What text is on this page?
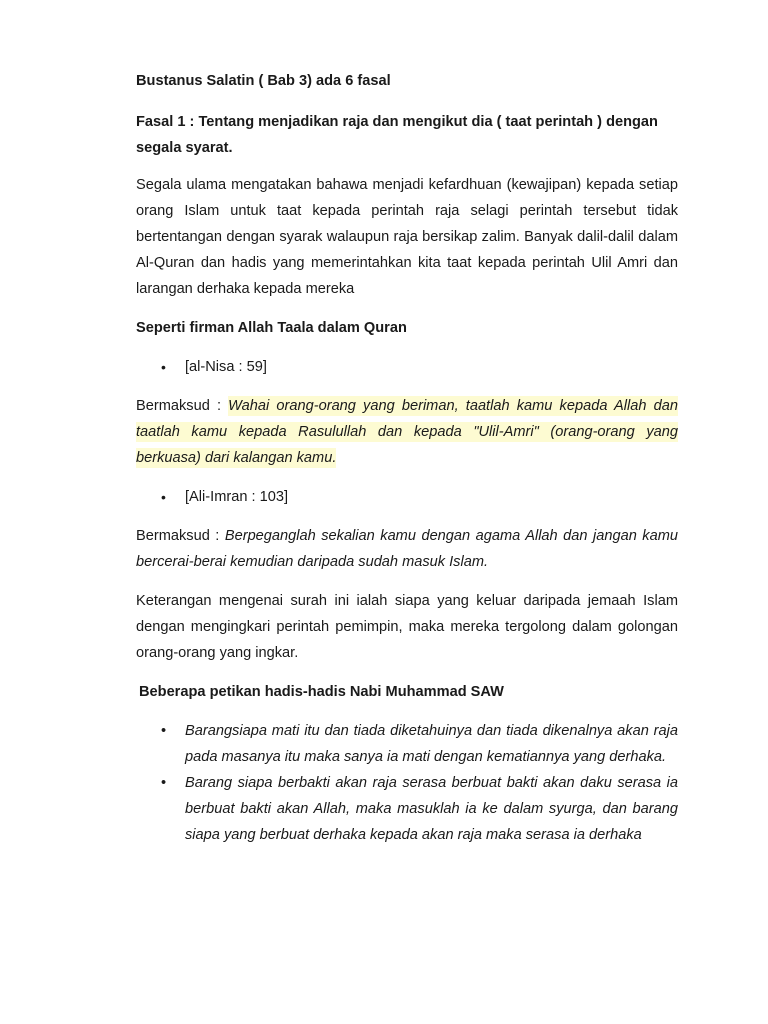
Bustanus Salatin ( Bab 3) ada 6 fasal

Fasal 1 : Tentang menjadikan raja dan mengikut dia ( taat perintah ) dengan segala syarat.

Segala ulama mengatakan bahawa menjadi kefardhuan (kewajipan) kepada setiap orang Islam untuk taat kepada perintah raja selagi perintah tersebut tidak bertentangan dengan syarak walaupun raja bersikap zalim. Banyak dalil-dalil dalam Al-Quran dan hadis yang memerintahkan kita taat kepada perintah Ulil Amri dan larangan derhaka kepada mereka

Seperti firman Allah Taala dalam Quran

• [al-Nisa : 59]

Bermaksud : Wahai orang-orang yang beriman, taatlah kamu kepada Allah dan taatlah kamu kepada Rasulullah dan kepada "Ulil-Amri" (orang-orang yang berkuasa) dari kalangan kamu.

• [Ali-Imran : 103]

Bermaksud : Berpeganglah sekalian kamu dengan agama Allah dan jangan kamu bercerai-berai kemudian daripada sudah masuk Islam.

Keterangan mengenai surah ini ialah siapa yang keluar daripada jemaah Islam dengan mengingkari perintah pemimpin, maka mereka tergolong dalam golongan orang-orang yang ingkar.

Beberapa petikan hadis-hadis Nabi Muhammad SAW

• Barangsiapa mati itu dan tiada diketahuinya dan tiada dikenalnya akan raja pada masanya itu maka sanya ia mati dengan kematiannya yang derhaka.
• Barang siapa berbakti akan raja serasa berbuat bakti akan daku serasa ia berbuat bakti akan Allah, maka masuklah ia ke dalam syurga, dan barang siapa yang berbuat derhaka kepada akan raja maka serasa ia derhaka
